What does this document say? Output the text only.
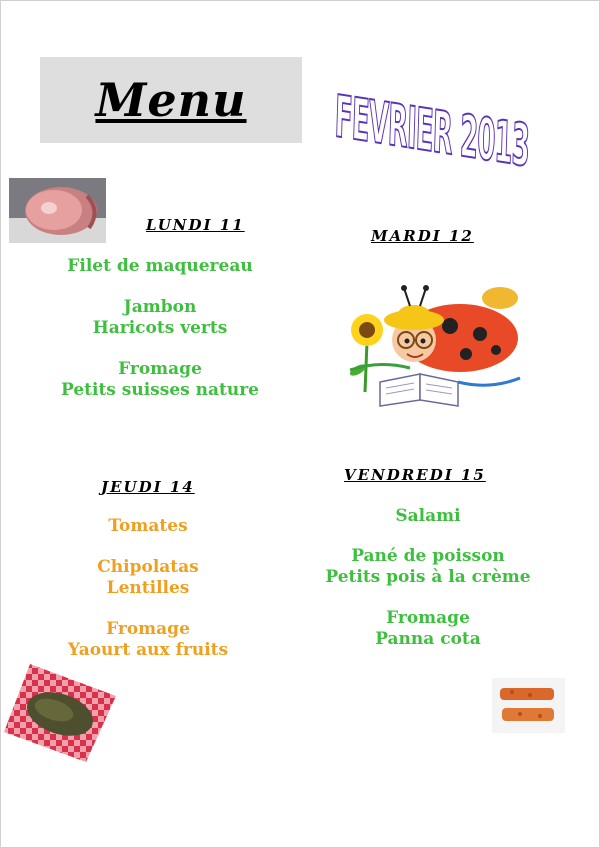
Menu FEVRIER 2013
LUNDI 11
Filet de maquereau
Jambon
Haricots verts
Fromage
Petits suisses nature
MARDI 12
JEUDI 14
Tomates
Chipolatas
Lentilles
Fromage
Yaourt aux fruits
VENDREDI 15
Salami
Pané de poisson
Petits pois à la crème
Fromage
Panna cota
